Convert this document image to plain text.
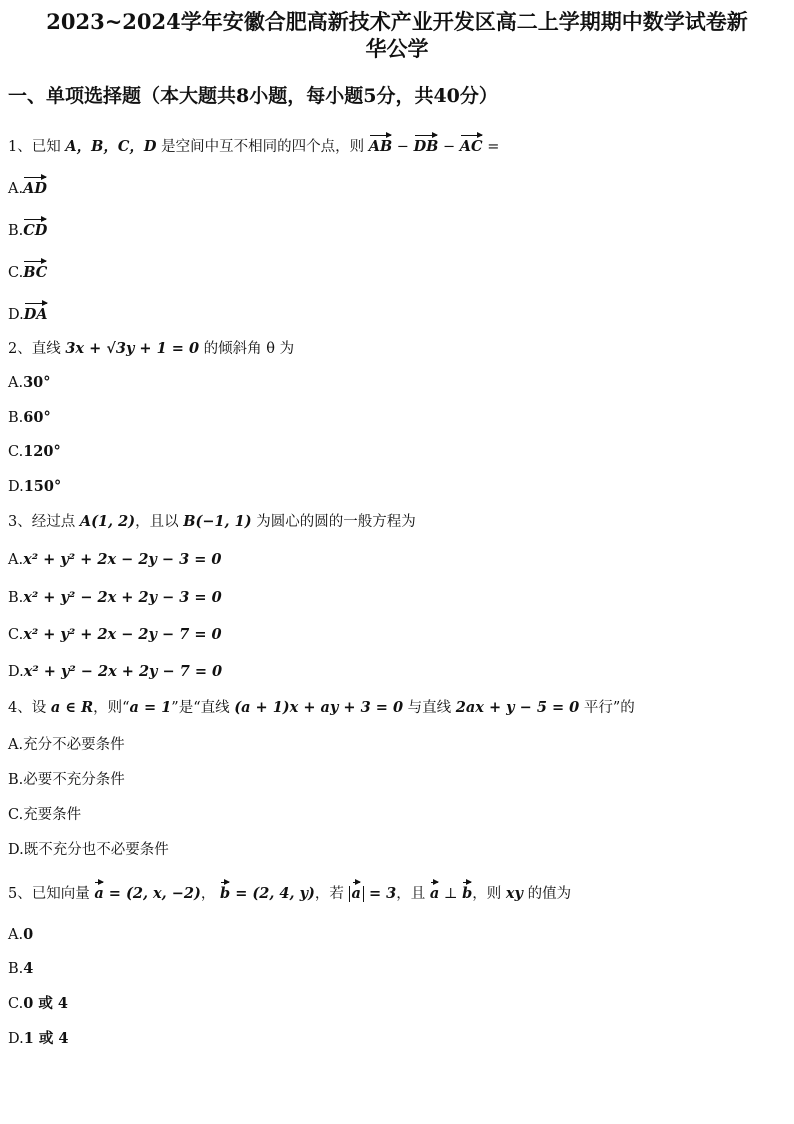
2023~2024学年安徽合肥高新技术产业开发区高二上学期期中数学试卷新
华公学
一、单项选择题（本大题共8小题，每小题5分，共40分）
1、已知 A，B，C，D 是空间中互不相同的四个点，则 AB − DB − AC =
A.AD
B.CD
C.BC
D.DA
2、直线 3x + √3y + 1 = 0 的倾斜角 θ 为
A.30°
B.60°
C.120°
D.150°
3、经过点 A(1, 2)，且以 B(−1, 1) 为圆心的圆的一般方程为
A.x² + y² + 2x − 2y − 3 = 0
B.x² + y² − 2x + 2y − 3 = 0
C.x² + y² + 2x − 2y − 7 = 0
D.x² + y² − 2x + 2y − 7 = 0
4、设 a ∈ R，则“a = 1”是“直线 (a + 1)x + ay + 3 = 0 与直线 2ax + y − 5 = 0 平行”的
A.充分不必要条件
B.必要不充分条件
C.充要条件
D.既不充分也不必要条件
5、已知向量 a = (2, x, −2)， b = (2, 4, y)，若 a = 3，且 a ⊥ b，则 xy 的值为
A.0
B.4
C.0 或 4
D.1 或 4
